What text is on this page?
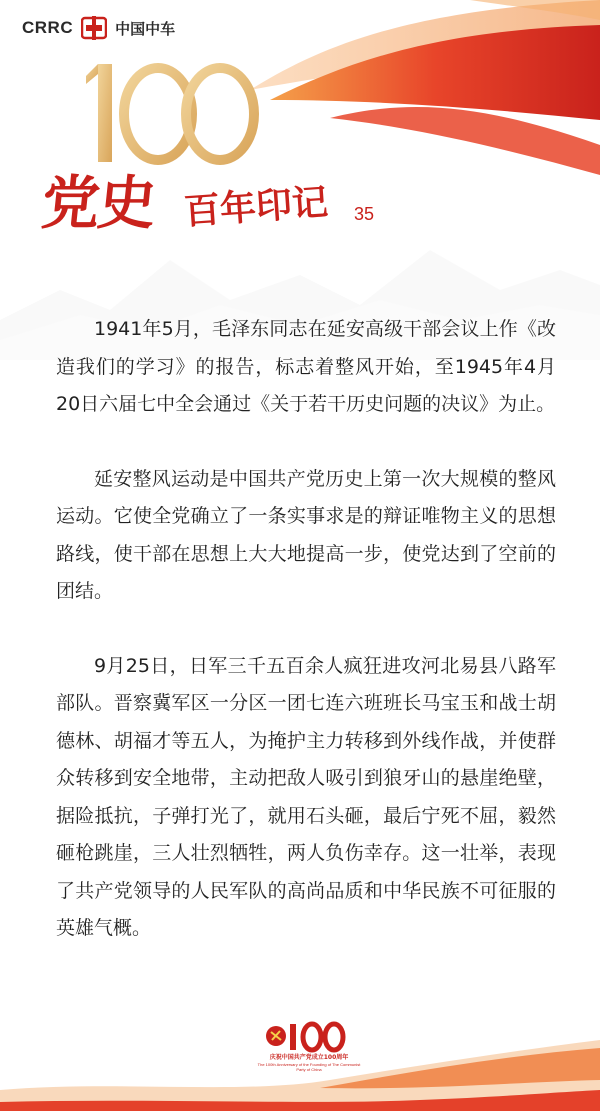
CRRC	中国中车
党史 百年印记 35

1941年5月，毛泽东同志在延安高级干部会议上作《改造我们的学习》的报告，标志着整风开始，至1945年4月20日六届七中全会通过《关于若干历史问题的决议》为止。

延安整风运动是中国共产党历史上第一次大规模的整风运动。它使全党确立了一条实事求是的辩证唯物主义的思想路线，使干部在思想上大大地提高一步，使党达到了空前的团结。

9月25日，日军三千五百余人疯狂进攻河北易县八路军部队。晋察冀军区一分区一团七连六班班长马宝玉和战士胡德林、胡福才等五人，为掩护主力转移到外线作战，并使群众转移到安全地带，主动把敌人吸引到狼牙山的悬崖绝壁，据险抵抗，子弹打光了，就用石头砸，最后宁死不屈，毅然砸枪跳崖，三人壮烈牺牲，两人负伤幸存。这一壮举，表现了共产党领导的人民军队的高尚品质和中华民族不可征服的英雄气概。

庆祝中国共产党成立100周年
The 100th Anniversary of the Founding of The Communist Party of China
